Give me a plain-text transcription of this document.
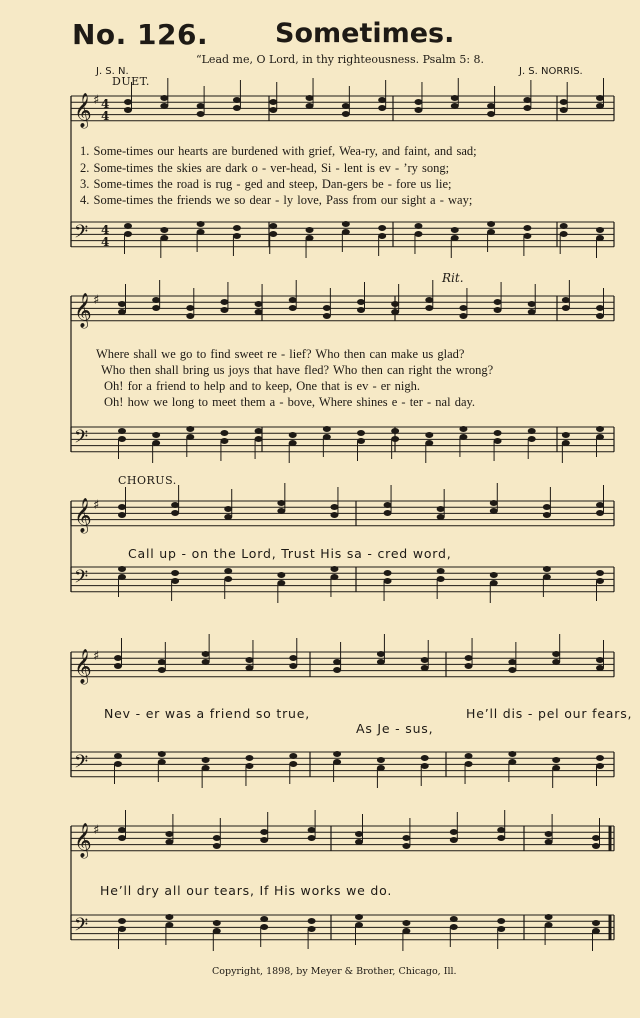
No. 126. Sometimes.
“Lead me, O Lord, in thy righteousness. Psalm 5: 8.
J. S. N.	J. S. NORRIS.
DUET.
Rit.
CHORUS.
𝄞 ♯ 4
4
𝄢 4
4
𝄞 ♯
𝄢
𝄞 ♯
𝄢
𝄞 ♯
𝄢
𝄞 ♯
𝄢
1. Some-times our hearts are burdened with grief, Wea-ry, and faint, and sad;
2. Some-times the skies are dark o - ver-head, Si - lent is ev - ’ry song;
3. Some-times the road is rug - ged and steep, Dan-gers be - fore us lie;
4. Some-times the friends we so dear - ly love, Pass from our sight a - way;
Where shall we go to find sweet re - lief? Who then can make us glad?
Who then shall bring us joys that have fled? Who then can right the wrong?
Oh! for a friend to help and to keep, One that is ev - er nigh.
Oh! how we long to meet them a - bove, Where shines e - ter - nal day.
Call up - on the Lord, Trust His sa - cred word,
Nev - er was a friend so true,	He’ll dis - pel our fears,
As Je - sus,
He’ll dry all our tears, If His works we do.
Copyright, 1898, by Meyer & Brother, Chicago, Ill.
